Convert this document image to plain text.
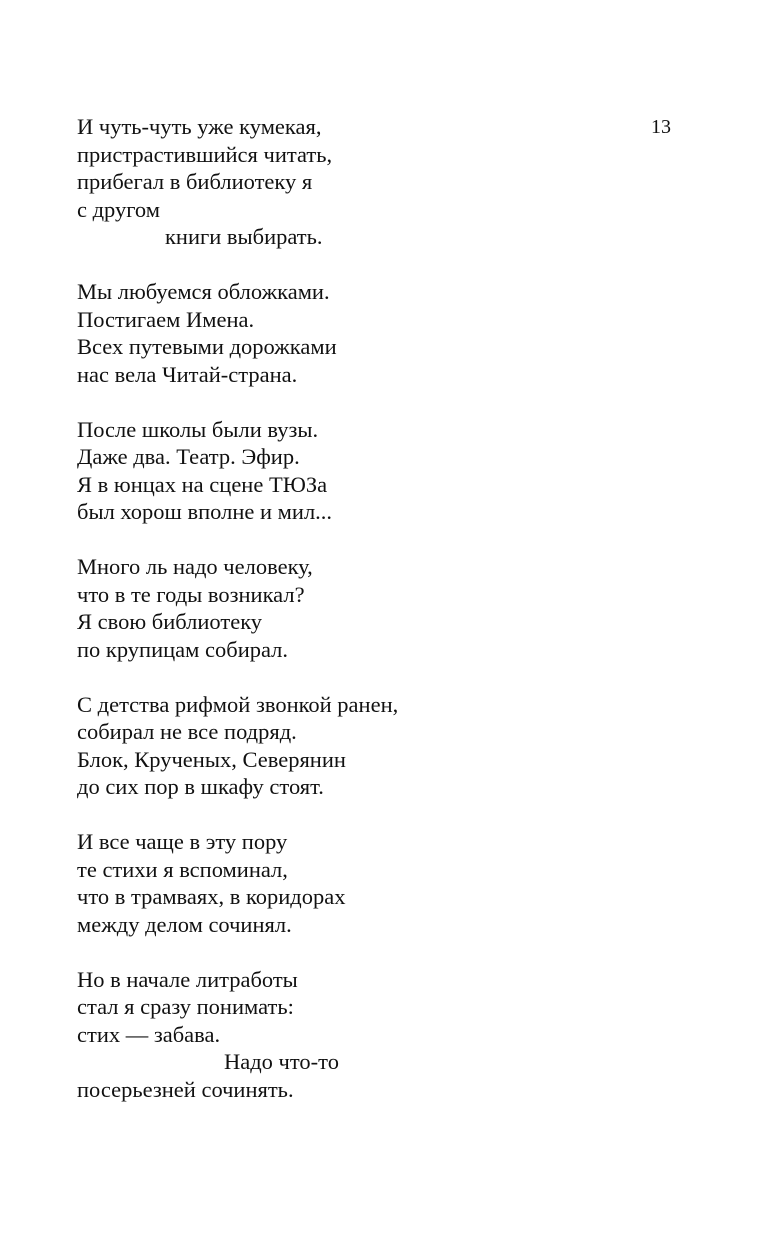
13
И чуть-чуть уже кумекая,
пристрастившийся читать,
прибегал в библиотеку я
с другом
книги выбирать.
Мы любуемся обложками.
Постигаем Имена.
Всех путевыми дорожками
нас вела Читай-страна.
После школы были вузы.
Даже два. Театр. Эфир.
Я в юнцах на сцене ТЮЗа
был хорош вполне и мил...
Много ль надо человеку,
что в те годы возникал?
Я свою библиотеку
по крупицам собирал.
С детства рифмой звонкой ранен,
собирал не все подряд.
Блок, Крученых, Северянин
до сих пор в шкафу стоят.
И все чаще в эту пору
те стихи я вспоминал,
что в трамваях, в коридорах
между делом сочинял.
Но в начале литработы
стал я сразу понимать:
стих — забава.
Надо что-то
посерьезней сочинять.
